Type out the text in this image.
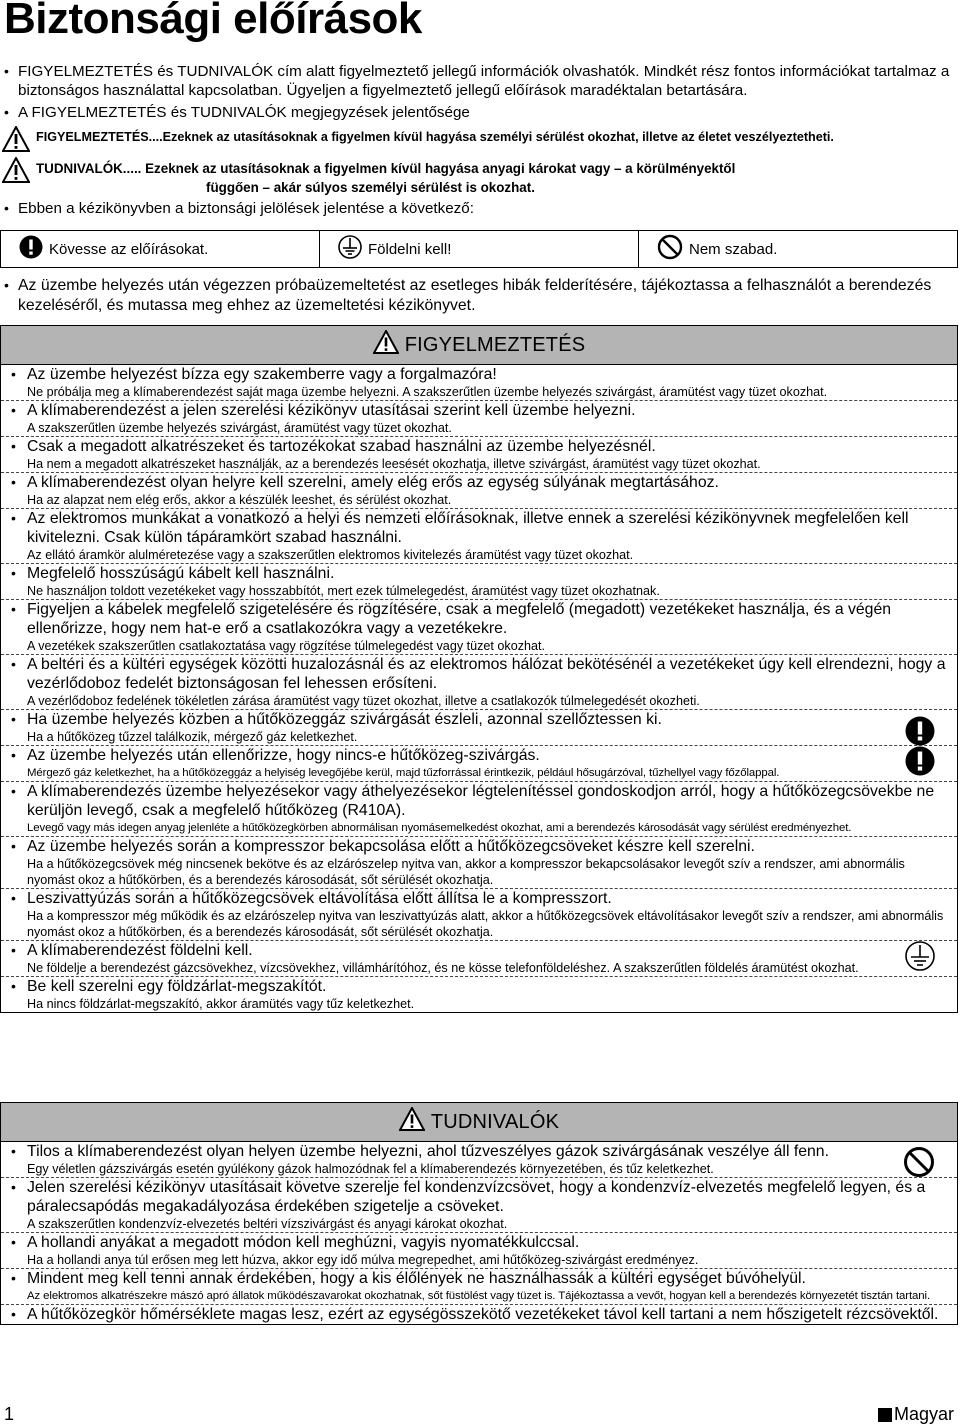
Biztonsági előírások

• FIGYELMEZTETÉS és TUDNIVALÓK cím alatt figyelmeztető jellegű információk olvashatók. Mindkét rész fontos információkat tartalmaz a biztonságos használattal kapcsolatban. Ügyeljen a figyelmeztető jellegű előírások maradéktalan betartására.

• A FIGYELMEZTETÉS és TUDNIVALÓK megjegyzések jelentősége

FIGYELMEZTETÉS....Ezeknek az utasításoknak a figyelmen kívül hagyása személyi sérülést okozhat, illetve az életet veszélyeztetheti.
TUDNIVALÓK..... Ezeknek az utasításoknak a figyelmen kívül hagyása anyagi károkat vagy – a körülményektől
függően – akár súlyos személyi sérülést is okozhat.

• Ebben a kézikönyvben a biztonsági jelölések jelentése a következő:

Kövesse az előírásokat.	Földelni kell!	Nem szabad.

• Az üzembe helyezés után végezzen próbaüzemeltetést az esetleges hibák felderítésére, tájékoztassa a felhasználót a berendezés kezeléséről, és mutassa meg ehhez az üzemeltetési kézikönyvet.

FIGYELMEZTETÉS
• Az üzembe helyezést bízza egy szakemberre vagy a forgalmazóra!
Ne próbálja meg a klímaberendezést saját maga üzembe helyezni. A szakszerűtlen üzembe helyezés szivárgást, áramütést vagy tüzet okozhat.
• A klímaberendezést a jelen szerelési kézikönyv utasításai szerint kell üzembe helyezni.
A szakszerűtlen üzembe helyezés szivárgást, áramütést vagy tüzet okozhat.
• Csak a megadott alkatrészeket és tartozékokat szabad használni az üzembe helyezésnél.
Ha nem a megadott alkatrészeket használják, az a berendezés leesését okozhatja, illetve szivárgást, áramütést vagy tüzet okozhat.
• A klímaberendezést olyan helyre kell szerelni, amely elég erős az egység súlyának megtartásához.
Ha az alapzat nem elég erős, akkor a készülék leeshet, és sérülést okozhat.
• Az elektromos munkákat a vonatkozó a helyi és nemzeti előírásoknak, illetve ennek a szerelési kézikönyvnek megfelelően kell kivitelezni. Csak külön tápáramkört szabad használni.
Az ellátó áramkör alulméretezése vagy a szakszerűtlen elektromos kivitelezés áramütést vagy tüzet okozhat.
• Megfelelő hosszúságú kábelt kell használni.
Ne használjon toldott vezetékeket vagy hosszabbítót, mert ezek túlmelegedést, áramütést vagy tüzet okozhatnak.
• Figyeljen a kábelek megfelelő szigetelésére és rögzítésére, csak a megfelelő (megadott) vezetékeket használja, és a végén ellenőrizze, hogy nem hat-e erő a csatlakozókra vagy a vezetékekre.
A vezetékek szakszerűtlen csatlakoztatása vagy rögzítése túlmelegedést vagy tüzet okozhat.
• A beltéri és a kültéri egységek közötti huzalozásnál és az elektromos hálózat bekötésénél a vezetékeket úgy kell elrendezni, hogy a vezérlődoboz fedelét biztonságosan fel lehessen erősíteni.
A vezérlődoboz fedelének tökéletlen zárása áramütést vagy tüzet okozhat, illetve a csatlakozók túlmelegedését okozheti.
• Ha üzembe helyezés közben a hűtőközeggáz szivárgását észleli, azonnal szellőztessen ki.
Ha a hűtőközeg tűzzel találkozik, mérgező gáz keletkezhet.
• Az üzembe helyezés után ellenőrizze, hogy nincs-e hűtőközeg-szivárgás.
Mérgező gáz keletkezhet, ha a hűtőközeggáz a helyiség levegőjébe kerül, majd tűzforrással érintkezik, például hősugárzóval, tűzhellyel vagy főzőlappal.
• A klímaberendezés üzembe helyezésekor vagy áthelyezésekor légtelenítéssel gondoskodjon arról, hogy a hűtőközegcsövekbe ne kerüljön levegő, csak a megfelelő hűtőközeg (R410A).
Levegő vagy más idegen anyag jelenléte a hűtőközegkörben abnormálisan nyomásemelkedést okozhat, ami a berendezés károsodását vagy sérülést eredményezhet.
• Az üzembe helyezés során a kompresszor bekapcsolása előtt a hűtőközegcsöveket készre kell szerelni.
Ha a hűtőközegcsövek még nincsenek bekötve és az elzárószelep nyitva van, akkor a kompresszor bekapcsolásakor levegőt szív a rendszer, ami abnormális nyomást okoz a hűtőkörben, és a berendezés károsodását, sőt sérülését okozhatja.
• Leszivattyúzás során a hűtőközegcsövek eltávolítása előtt állítsa le a kompresszort.
Ha a kompresszor még működik és az elzárószelep nyitva van leszivattyúzás alatt, akkor a hűtőközegcsövek eltávolításakor levegőt szív a rendszer, ami abnormális nyomást okoz a hűtőkörben, és a berendezés károsodását, sőt sérülését okozhatja.
• A klímaberendezést földelni kell.
Ne földelje a berendezést gázcsövekhez, vízcsövekhez, villámhárítóhoz, és ne kösse telefonföldeléshez. A szakszerűtlen földelés áramütést okozhat.
• Be kell szerelni egy földzárlat-megszakítót.
Ha nincs földzárlat-megszakító, akkor áramütés vagy tűz keletkezhet.
TUDNIVALÓK
• Tilos a klímaberendezést olyan helyen üzembe helyezni, ahol tűzveszélyes gázok szivárgásának veszélye áll fenn.
Egy véletlen gázszivárgás esetén gyúlékony gázok halmozódnak fel a klímaberendezés környezetében, és tűz keletkezhet.
• Jelen szerelési kézikönyv utasításait követve szerelje fel kondenzvízcsövet, hogy a kondenzvíz-elvezetés megfelelő legyen, és a páralecsapódás megakadályozása érdekében szigetelje a csöveket.
A szakszerűtlen kondenzvíz-elvezetés beltéri vízszivárgást és anyagi károkat okozhat.
• A hollandi anyákat a megadott módon kell meghúzni, vagyis nyomatékkulccsal.
Ha a hollandi anya túl erősen meg lett húzva, akkor egy idő múlva megrepedhet, ami hűtőközeg-szivárgást eredményez.
• Mindent meg kell tenni annak érdekében, hogy a kis élőlények ne használhassák a kültéri egységet búvóhelyül.
Az elektromos alkatrészekre mászó apró állatok működészavarokat okozhatnak, sőt füstölést vagy tüzet is. Tájékoztassa a vevőt, hogyan kell a berendezés környezetét tisztán tartani.
• A hűtőközegkör hőmérséklete magas lesz, ezért az egységösszekötő vezetékeket távol kell tartani a nem hőszigetelt rézcsövektől.
1	Magyar
